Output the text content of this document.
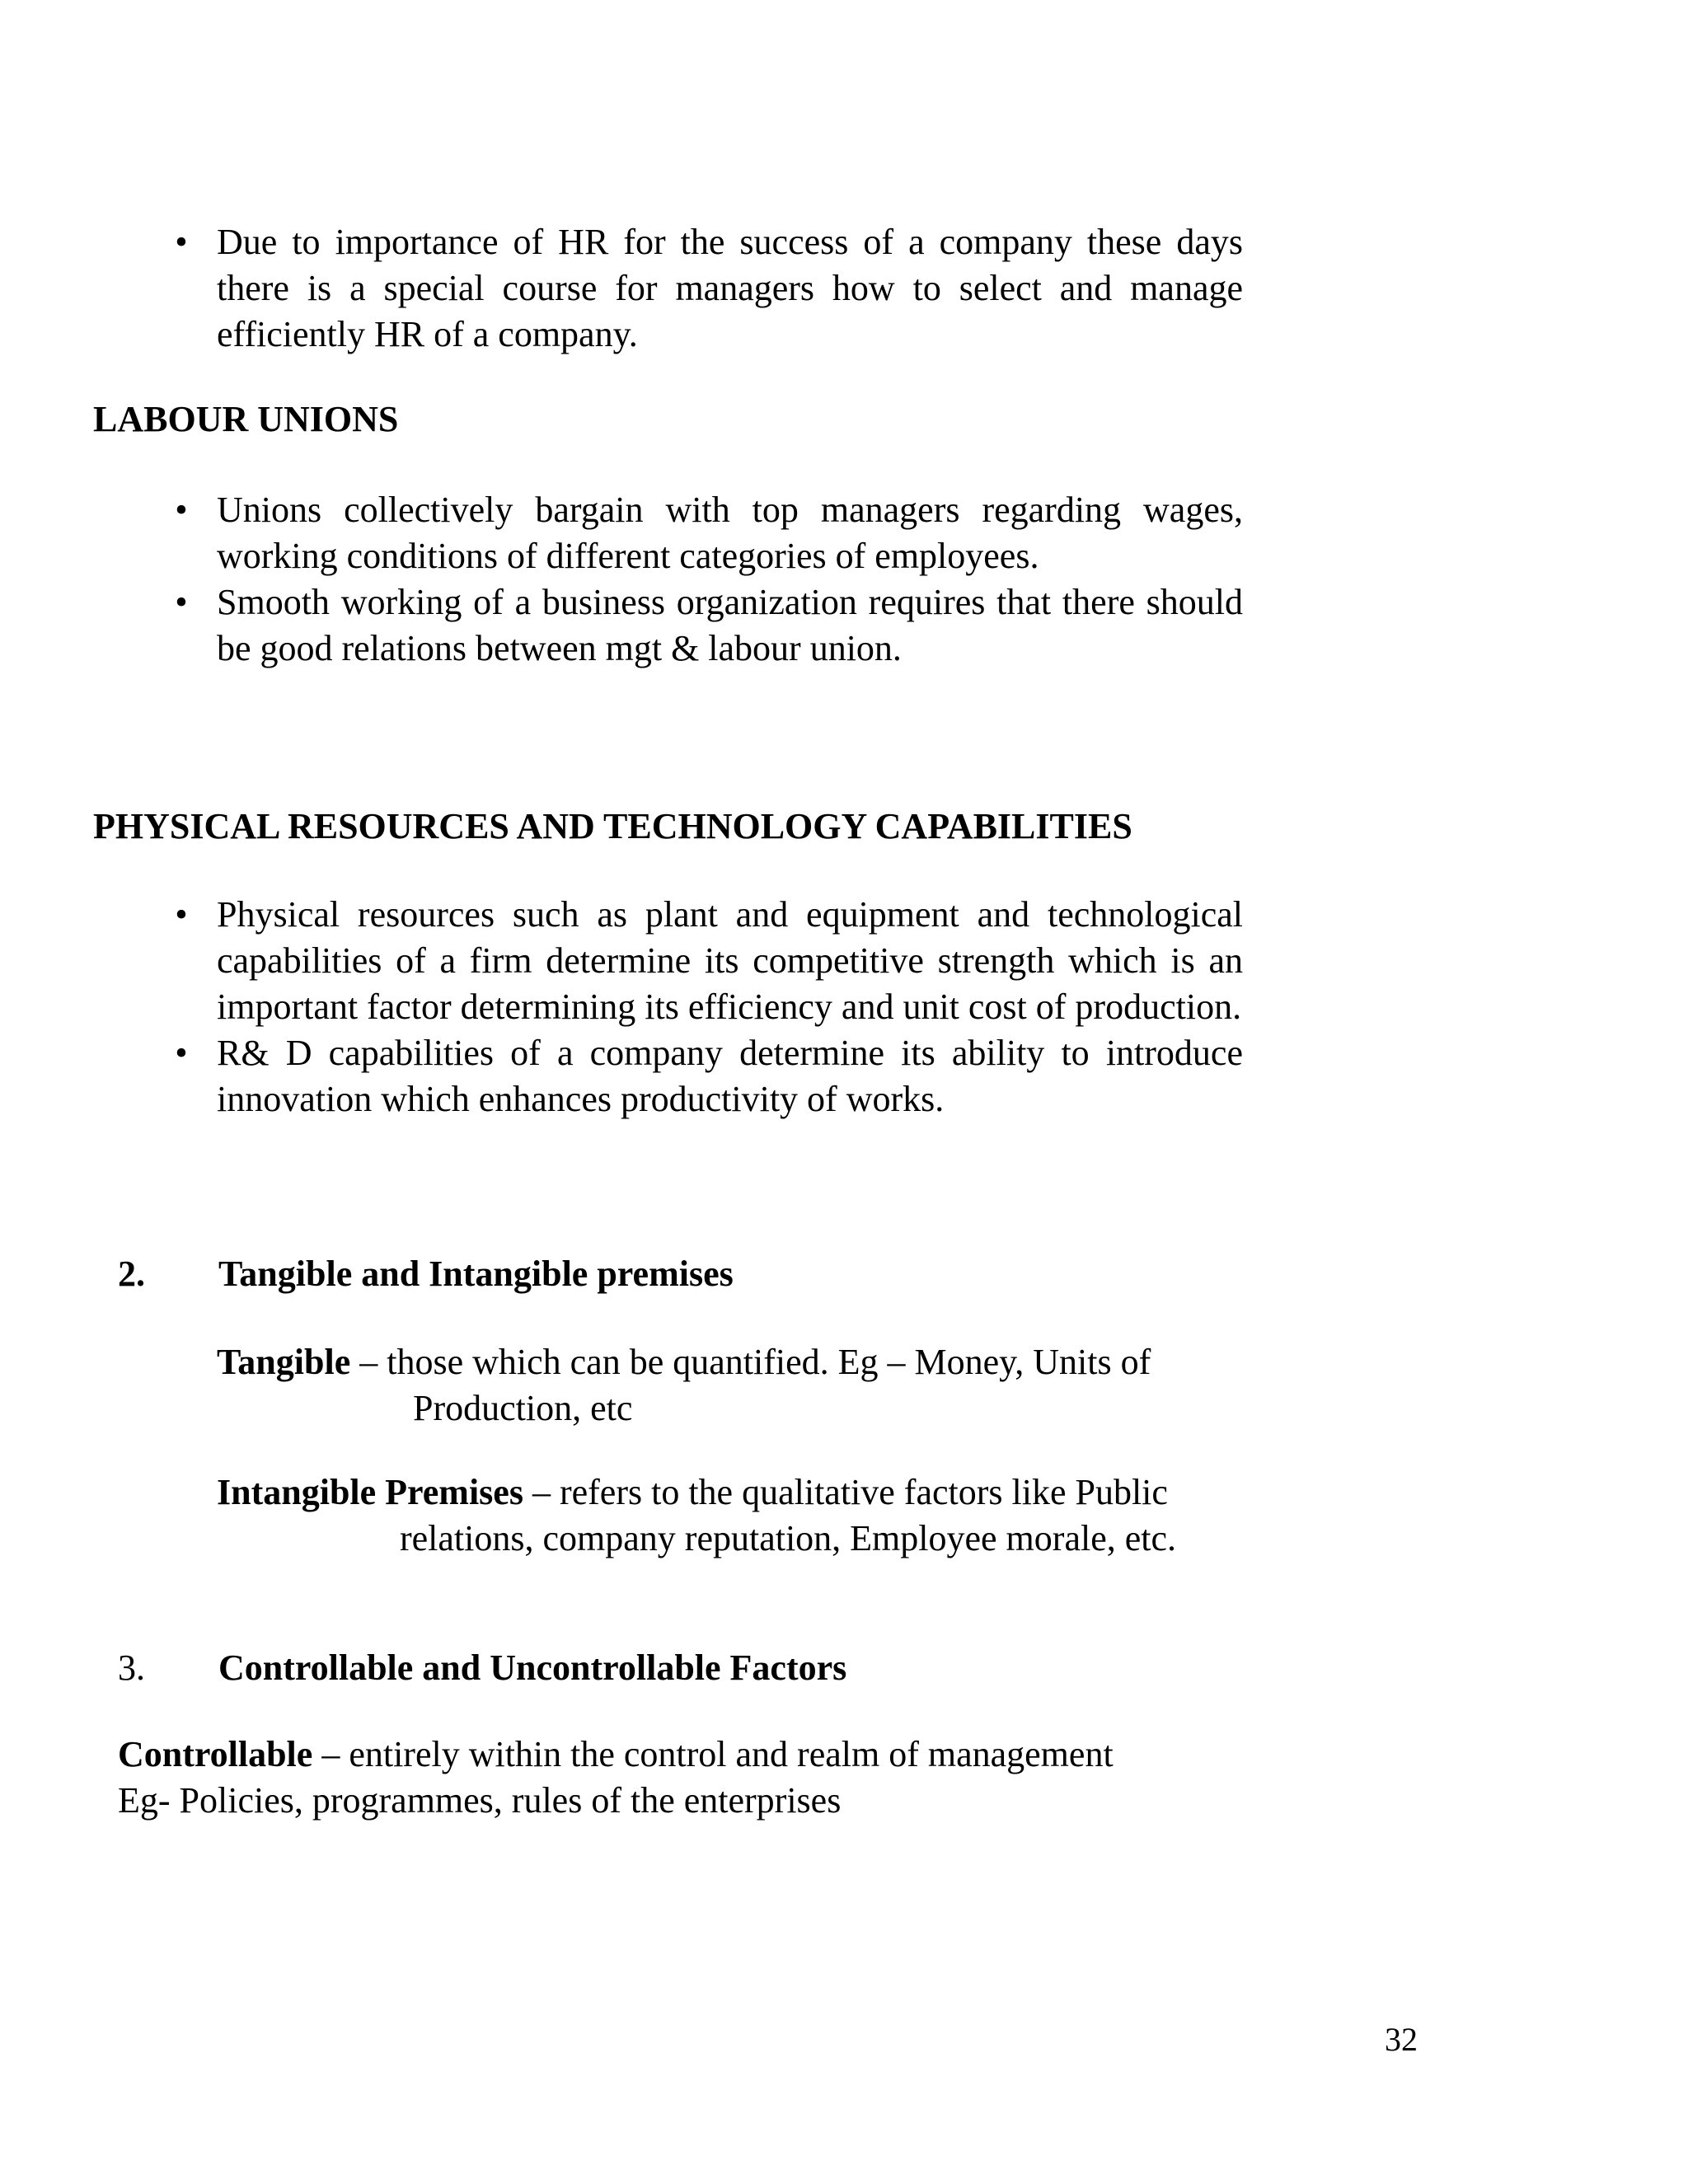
• Due to importance of HR for the success of a company these days there is a special course for managers how to select and manage efficiently HR of a company.
LABOUR UNIONS
• Unions collectively bargain with top managers regarding wages, working conditions of different categories of employees.
• Smooth working of a business organization requires that there should be good relations between mgt & labour union.
PHYSICAL RESOURCES AND TECHNOLOGY CAPABILITIES
• Physical resources such as plant and equipment and technological capabilities of a firm determine its competitive strength which is an important factor determining its efficiency and unit cost of production.
• R& D capabilities of a company determine its ability to introduce innovation which enhances productivity of works.
2. Tangible and Intangible premises
Tangible – those which can be quantified. Eg – Money, Units of
Production, etc
Intangible Premises – refers to the qualitative factors like Public
relations, company reputation, Employee morale, etc.
3. Controllable and Uncontrollable Factors
Controllable – entirely within the control and realm of management
Eg- Policies, programmes, rules of the enterprises
32
